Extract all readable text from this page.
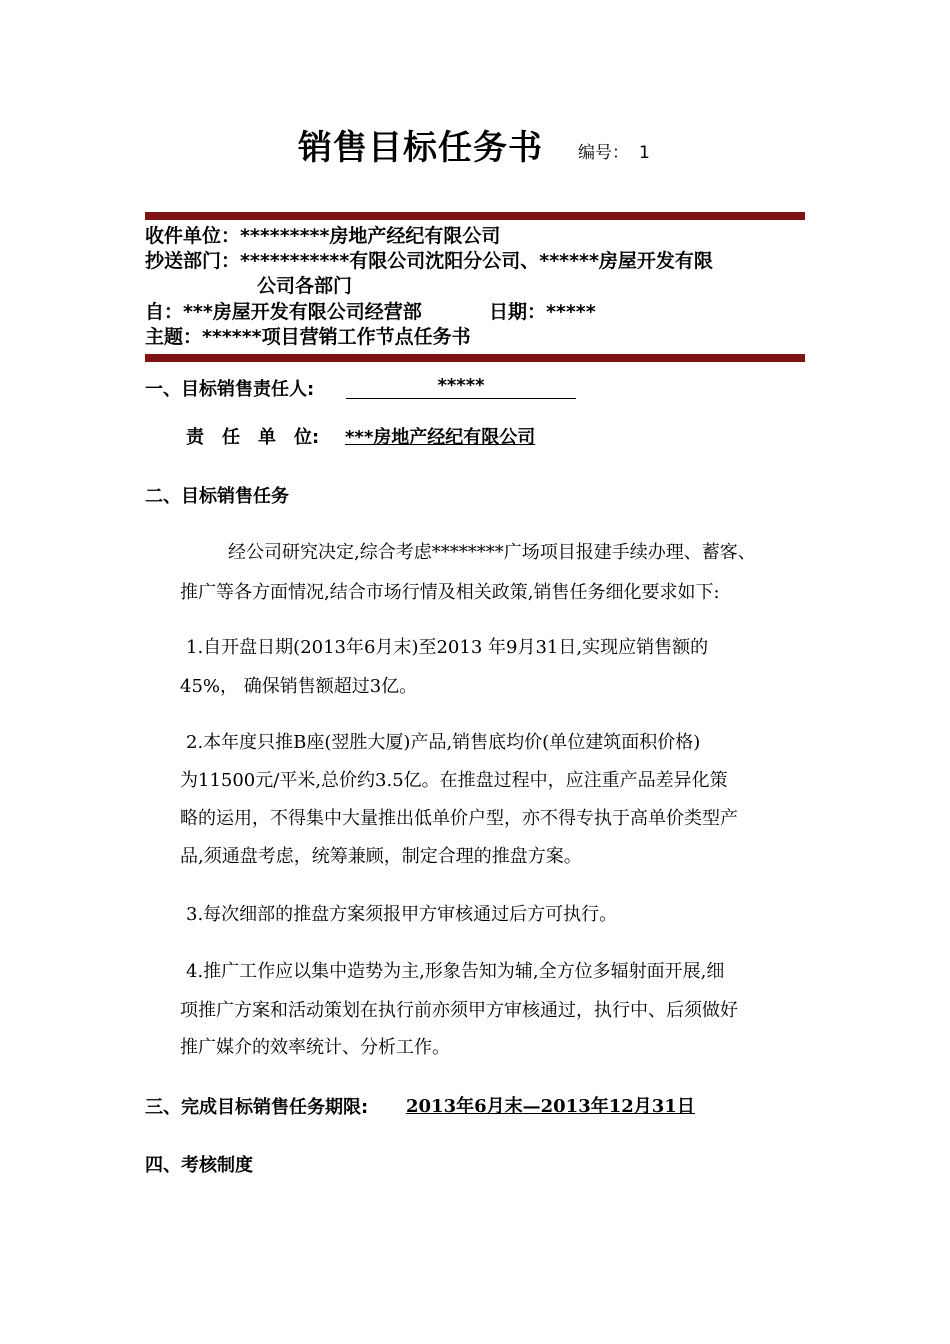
销售目标任务书 编号： 1
收件单位：*********房地产经纪有限公司
抄送部门：***********有限公司沈阳分公司、******房屋开发有限
公司各部门
自：***房屋开发有限公司经营部	日期：*****
主题：******项目营销工作节点任务书
一、目标销售责任人:	*****
责　任　单　位: ***房地产经纪有限公司
二、目标销售任务
经公司研究决定,综合考虑********广场项目报建手续办理、蓄客、
推广等各方面情况,结合市场行情及相关政策,销售任务细化要求如下:
1.自开盘日期(2013年6月末)至2013 年9月31日,实现应销售额的
45%， 确保销售额超过3亿。
2.本年度只推B座(翌胜大厦)产品,销售底均价(单位建筑面积价格)
为11500元/平米,总价约3.5亿。在推盘过程中，应注重产品差异化策
略的运用，不得集中大量推出低单价户型，亦不得专执于高单价类型产
品,须通盘考虑，统筹兼顾，制定合理的推盘方案。
3.每次细部的推盘方案须报甲方审核通过后方可执行。
4.推广工作应以集中造势为主,形象告知为辅,全方位多辐射面开展,细
项推广方案和活动策划在执行前亦须甲方审核通过，执行中、后须做好
推广媒介的效率统计、分析工作。
三、完成目标销售任务期限: 2013年6月末—2013年12月31日
四、考核制度
